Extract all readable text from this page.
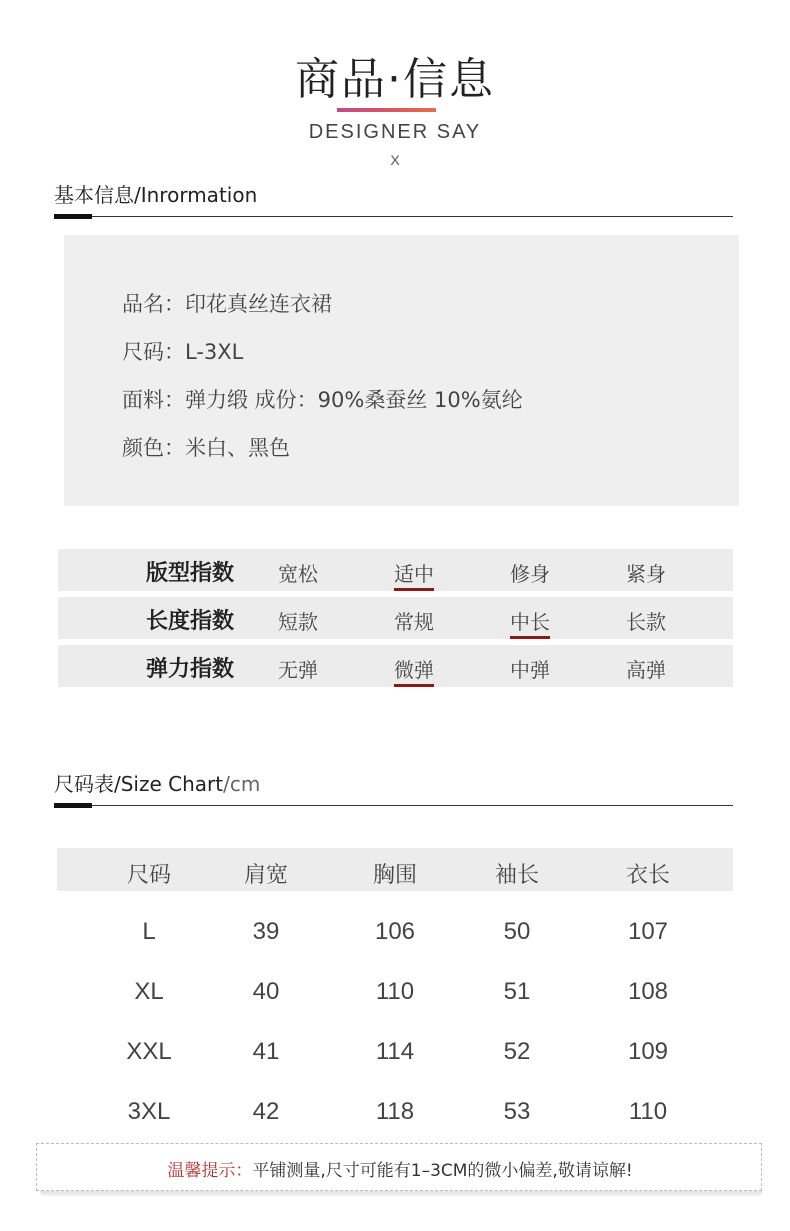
商品·信息
DESIGNER SAY
X
基本信息/Inrormation
品名：印花真丝连衣裙
尺码：L-3XL
面料：弹力缎 成份：90%桑蚕丝 10%氨纶
颜色：米白、黑色
版型指数 宽松	适中	修身	紧身
长度指数 短款	常规	中长	长款
弹力指数 无弹	微弹	中弹	高弹
尺码表/Size Chart/cm
尺码	肩宽	胸围	袖长	衣长
L	39	106	50	107
XL	40	110	51	108
XXL	41	114	52	109
3XL	42	118	53	110
温馨提示：平铺测量,尺寸可能有1–3CM的微小偏差,敬请谅解!
